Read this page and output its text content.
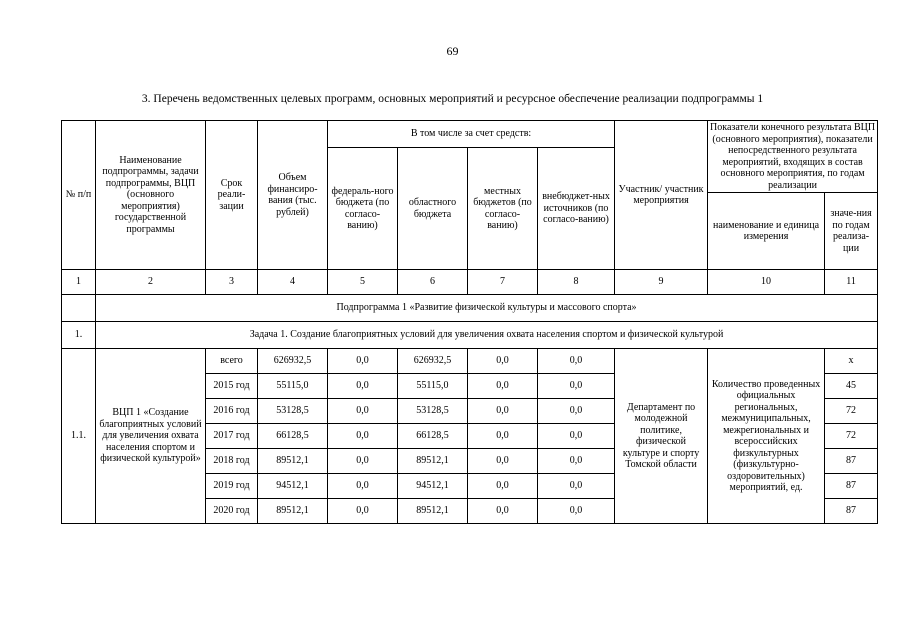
69
3. Перечень ведомственных целевых программ, основных мероприятий и ресурсное обеспечение реализации подпрограммы 1
№ п/п	Наименование подпрограммы, задачи подпрограммы, ВЦП (основного мероприятия) государственной программы	Срок реали-зации	Объем финансиро-вания (тыс. рублей)	В том числе за счет средств:				Участник/ участник мероприятия	Показатели конечного результата ВЦП (основного мероприятия), показатели непосредственного результата мероприятий, входящих в состав основного мероприятия, по годам реализации	
				федераль-ного бюджета (по согласо-ванию)	областного бюджета	местных бюджетов (по согласо-ванию)	внебюджет-ных источников (по согласо-ванию)			
									наименование и единица измерения	значе-ния по годам реализа-ции
1	2	3	4	5	6	7	8	9	10	11
	Подпрограмма 1 «Развитие физической культуры и массового спорта»									
1.	Задача 1. Создание благоприятных условий для увеличения охвата населения спортом и физической культурой									
1.1.	ВЦП 1 «Создание благоприятных условий для увеличения охвата населения спортом и физической культурой»	всего	626932,5	0,0	626932,5	0,0	0,0	Департамент по молодежной политике, физической культуре и спорту Томской области	Количество проведенных официальных региональных, межмуниципальных, межрегиональных и всероссийских физкультурных (физкультурно-оздоровительных) мероприятий, ед.	x
		2015 год	55115,0	0,0	55115,0	0,0	0,0			45
		2016 год	53128,5	0,0	53128,5	0,0	0,0			72
		2017 год	66128,5	0,0	66128,5	0,0	0,0			72
		2018 год	89512,1	0,0	89512,1	0,0	0,0			87
		2019 год	94512,1	0,0	94512,1	0,0	0,0			87
		2020 год	89512,1	0,0	89512,1	0,0	0,0			87
